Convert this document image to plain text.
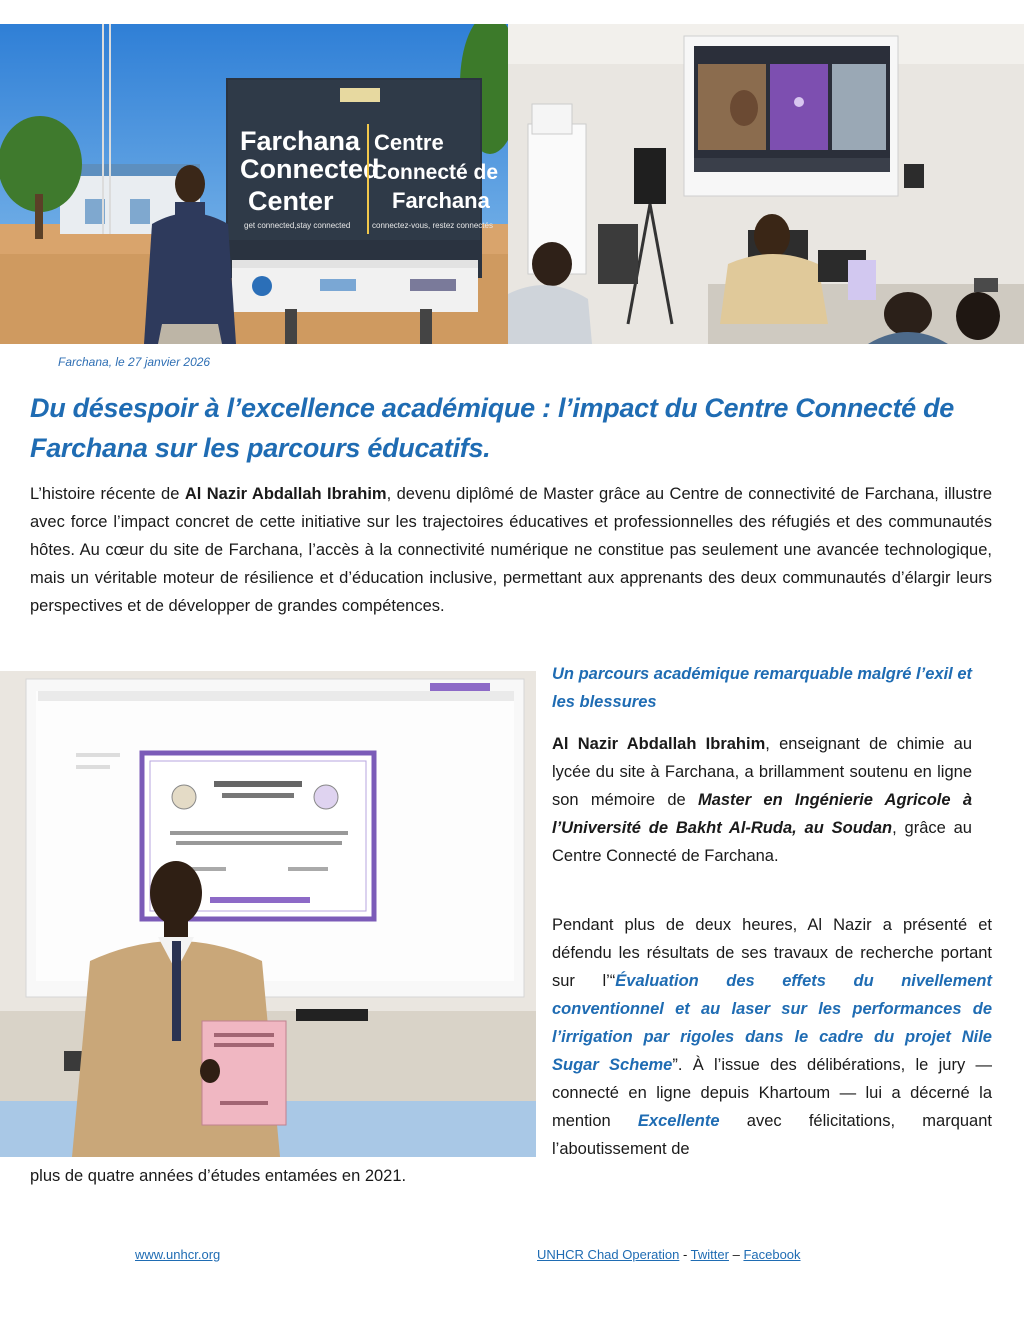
Farchana
Connected
Center
Centre
Connecté de
Farchana
get connected,stay connected	connectez-vous, restez connectés
Farchana, le 27 janvier 2026
Du désespoir à l’excellence académique : l’impact du Centre Connecté de Farchana sur les parcours éducatifs.

L’histoire récente de Al Nazir Abdallah Ibrahim, devenu diplômé de Master grâce au Centre de connectivité de Farchana, illustre avec force l’impact concret de cette initiative sur les trajectoires éducatives et professionnelles des réfugiés et des communautés hôtes. Au cœur du site de Farchana, l’accès à la connectivité numérique ne constitue pas seulement une avancée technologique, mais un véritable moteur de résilience et d’éducation inclusive, permettant aux apprenants des deux communautés d’élargir leurs perspectives et de développer de grandes compétences.

Un parcours académique remarquable malgré l’exil et les blessures

Al Nazir Abdallah Ibrahim, enseignant de chimie au lycée du site à Farchana, a brillamment soutenu en ligne son mémoire de Master en Ingénierie Agricole à l’Université de Bakht Al-Ruda, au Soudan, grâce au Centre Connecté de Farchana.

Pendant plus de deux heures, Al Nazir a présenté et défendu les résultats de ses travaux de recherche portant sur l’“Évaluation des effets du nivellement conventionnel et au laser sur les performances de l’irrigation par rigoles dans le cadre du projet Nile Sugar Scheme”. À l’issue des délibérations, le jury — connecté en ligne depuis Khartoum — lui a décerné la mention Excellente avec félicitations, marquant l’aboutissement de

plus de quatre années d’études entamées en 2021.

www.unhcr.org	UNHCR Chad Operation - Twitter – Facebook
